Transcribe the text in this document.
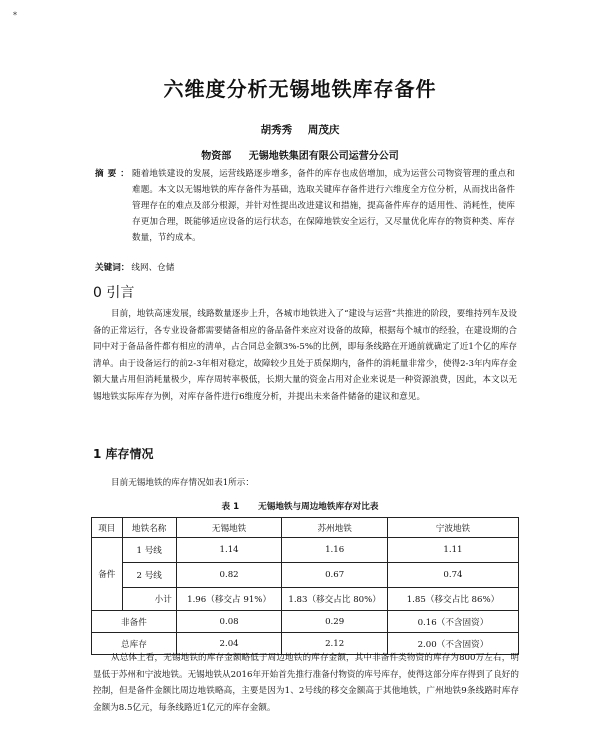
*
六维度分析无锡地铁库存备件
胡秀秀 周茂庆
物资部 无锡地铁集团有限公司运营分公司
摘要： 随着地铁建设的发展，运营线路逐步增多，备件的库存也成倍增加，成为运营公司物资管理的重点和难题。本文以无锡地铁的库存备件为基础，选取关键库存备件进行六维度全方位分析，从而找出备件管理存在的难点及部分根源，并针对性提出改进建议和措施，提高备件库存的适用性、消耗性，使库存更加合理，既能够适应设备的运行状态，在保障地铁安全运行，又尽量优化库存的物资种类、库存数量，节约成本。
关键词： 线网、仓储
0 引言
目前，地铁高速发展，线路数量逐步上升，各城市地铁进入了“建设与运营”共推进的阶段，要维持列车及设备的正常运行，各专业设备都需要储备相应的备品备件来应对设备的故障，根据每个城市的经验，在建设期的合同中对于备品备件都有相应的清单，占合同总金额3%-5%的比例，即每条线路在开通前就确定了近1个亿的库存清单。由于设备运行的前2-3年相对稳定，故障较少且处于质保期内，备件的消耗量非常少，使得2-3年内库存金额大量占用但消耗量极少，库存周转率极低，长期大量的资金占用对企业来说是一种资源浪费，因此，本文以无锡地铁实际库存为例，对库存备件进行6维度分析，并提出未来备件储备的建议和意见。
1 库存情况
目前无锡地铁的库存情况如表1所示：
表 1 无锡地铁与周边地铁库存对比表
项目	地铁名称	无锡地铁	苏州地铁	宁波地铁
备件	1 号线	1.14	1.16	1.11
	2 号线	0.82	0.67	0.74
	小计	1.96（移交占 91%）	1.83（移交占比 80%）	1.85（移交占比 86%）
非备件		0.08	0.29	0.16（不含固资）
总库存		2.04	2.12	2.00（不含固资）
从总体上看，无锡地铁的库存金额略低于周边地铁的库存金额，其中非备件类物资的库存为800万左右，明显低于苏州和宁波地铁。无锡地铁从2016年开始首先推行准备付物资的库号库存，使得这部分库存得到了良好的控制，但是备件金额比周边地铁略高，主要是因为1、2号线的移交金额高于其他地铁，广州地铁9条线路时库存金额为8.5亿元，每条线路近1亿元的库存金额。
